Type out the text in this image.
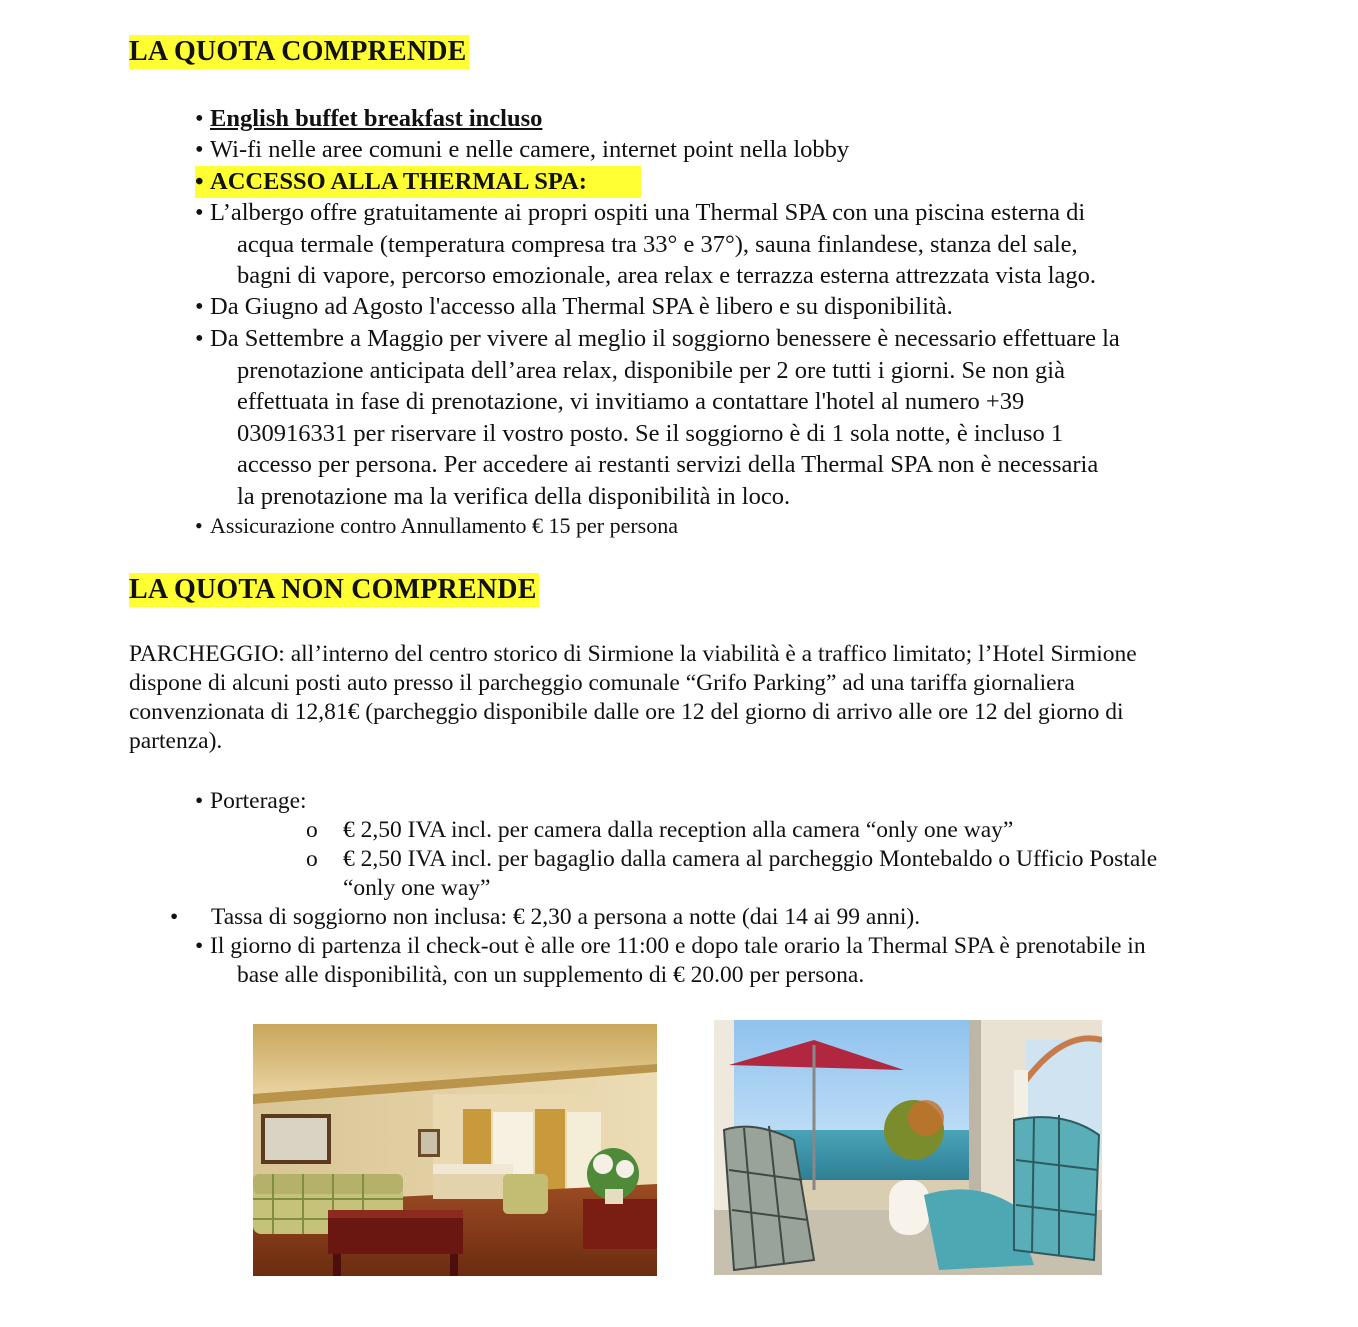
LA QUOTA COMPRENDE
• English buffet breakfast incluso
• Wi-fi nelle aree comuni e nelle camere, internet point nella lobby
• ACCESSO ALLA THERMAL SPA:
• L’albergo offre gratuitamente ai propri ospiti una Thermal SPA con una piscina esterna di
acqua termale (temperatura compresa tra 33° e 37°), sauna finlandese, stanza del sale,
bagni di vapore, percorso emozionale, area relax e terrazza esterna attrezzata vista lago.
• Da Giugno ad Agosto l'accesso alla Thermal SPA è libero e su disponibilità.
• Da Settembre a Maggio per vivere al meglio il soggiorno benessere è necessario effettuare la
prenotazione anticipata dell’area relax, disponibile per 2 ore tutti i giorni. Se non già
effettuata in fase di prenotazione, vi invitiamo a contattare l'hotel al numero +39
030916331 per riservare il vostro posto. Se il soggiorno è di 1 sola notte, è incluso 1
accesso per persona. Per accedere ai restanti servizi della Thermal SPA non è necessaria
la prenotazione ma la verifica della disponibilità in loco.
• Assicurazione contro Annullamento € 15 per persona
LA QUOTA NON COMPRENDE
PARCHEGGIO: all’interno del centro storico di Sirmione la viabilità è a traffico limitato; l’Hotel Sirmione
dispone di alcuni posti auto presso il parcheggio comunale “Grifo Parking” ad una tariffa giornaliera
convenzionata di 12,81€ (parcheggio disponibile dalle ore 12 del giorno di arrivo alle ore 12 del giorno di
partenza).
• Porterage:
o € 2,50 IVA incl. per camera dalla reception alla camera “only one way”
o € 2,50 IVA incl. per bagaglio dalla camera al parcheggio Montebaldo o Ufficio Postale
“only one way”
• Tassa di soggiorno non inclusa: € 2,30 a persona a notte (dai 14 ai 99 anni).
• Il giorno di partenza il check-out è alle ore 11:00 e dopo tale orario la Thermal SPA è prenotabile in
base alle disponibilità, con un supplemento di € 20.00 per persona.
